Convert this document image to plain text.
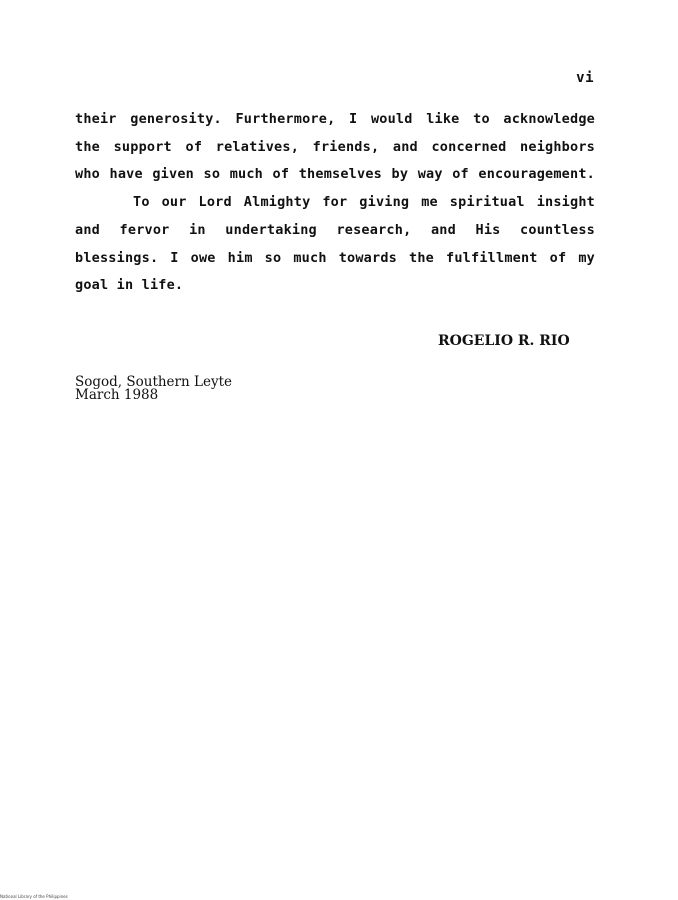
vi
their generosity. Furthermore, I would like to acknowledge
the support of relatives, friends, and concerned neighbors
who have given so much of themselves by way of encouragement.
To our Lord Almighty for giving me spiritual insight
and fervor in undertaking research, and His countless
blessings. I owe him so much towards the fulfillment of my
goal in life.
ROGELIO R. RIO
Sogod, Southern Leyte
March 1988
National Library of the Philippines
